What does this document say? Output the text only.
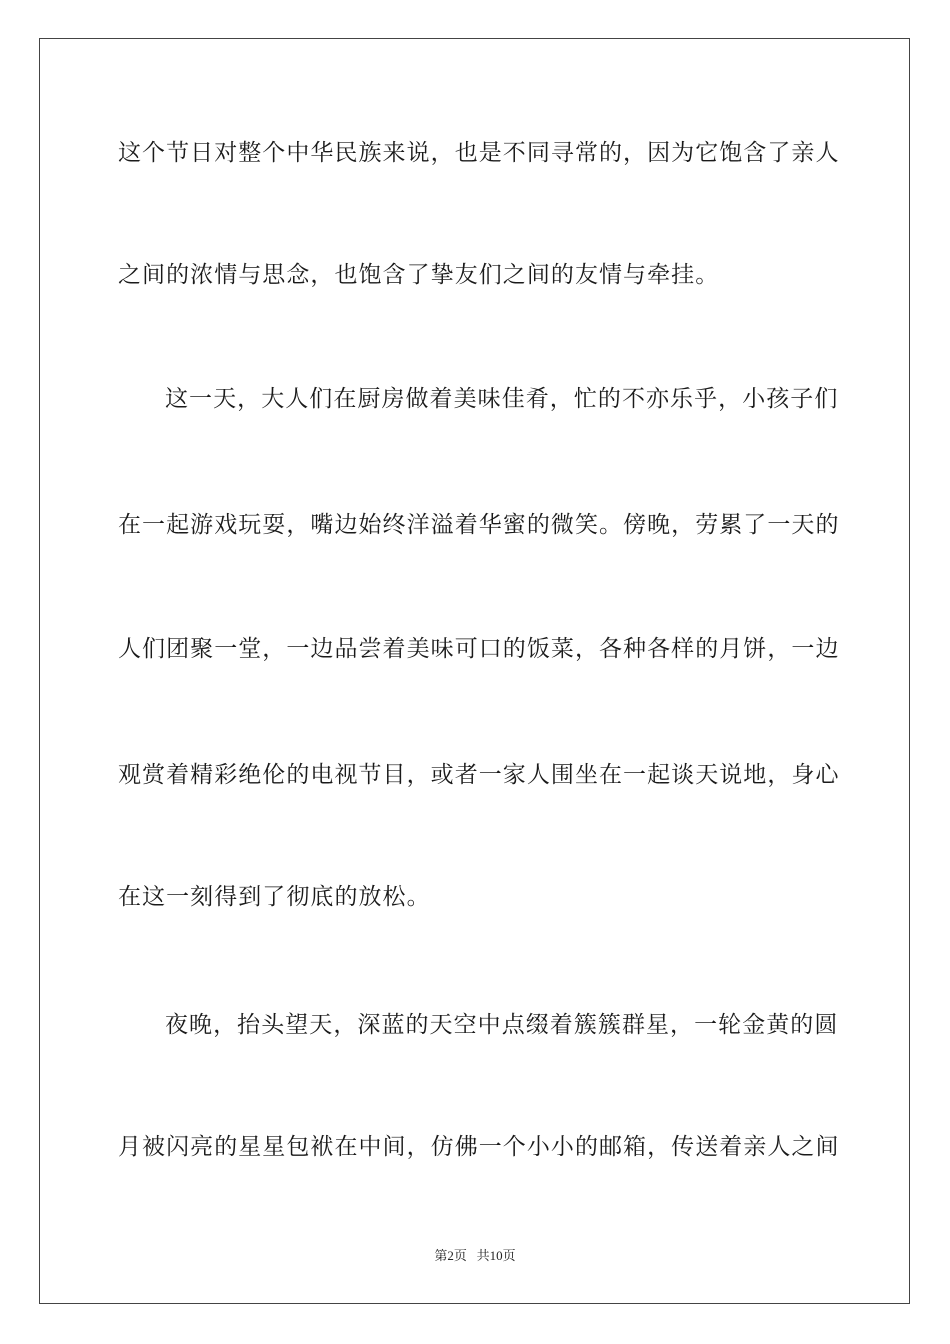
这个节日对整个中华民族来说，也是不同寻常的，因为它饱含了亲人
之间的浓情与思念，也饱含了挚友们之间的友情与牵挂。
这一天，大人们在厨房做着美味佳肴，忙的不亦乐乎，小孩子们
在一起游戏玩耍，嘴边始终洋溢着华蜜的微笑。傍晚，劳累了一天的
人们团聚一堂，一边品尝着美味可口的饭菜，各种各样的月饼，一边
观赏着精彩绝伦的电视节目，或者一家人围坐在一起谈天说地，身心
在这一刻得到了彻底的放松。
夜晚，抬头望天，深蓝的天空中点缀着簇簇群星，一轮金黄的圆
月被闪亮的星星包袱在中间，仿佛一个小小的邮箱，传送着亲人之间
第2页 共10页
